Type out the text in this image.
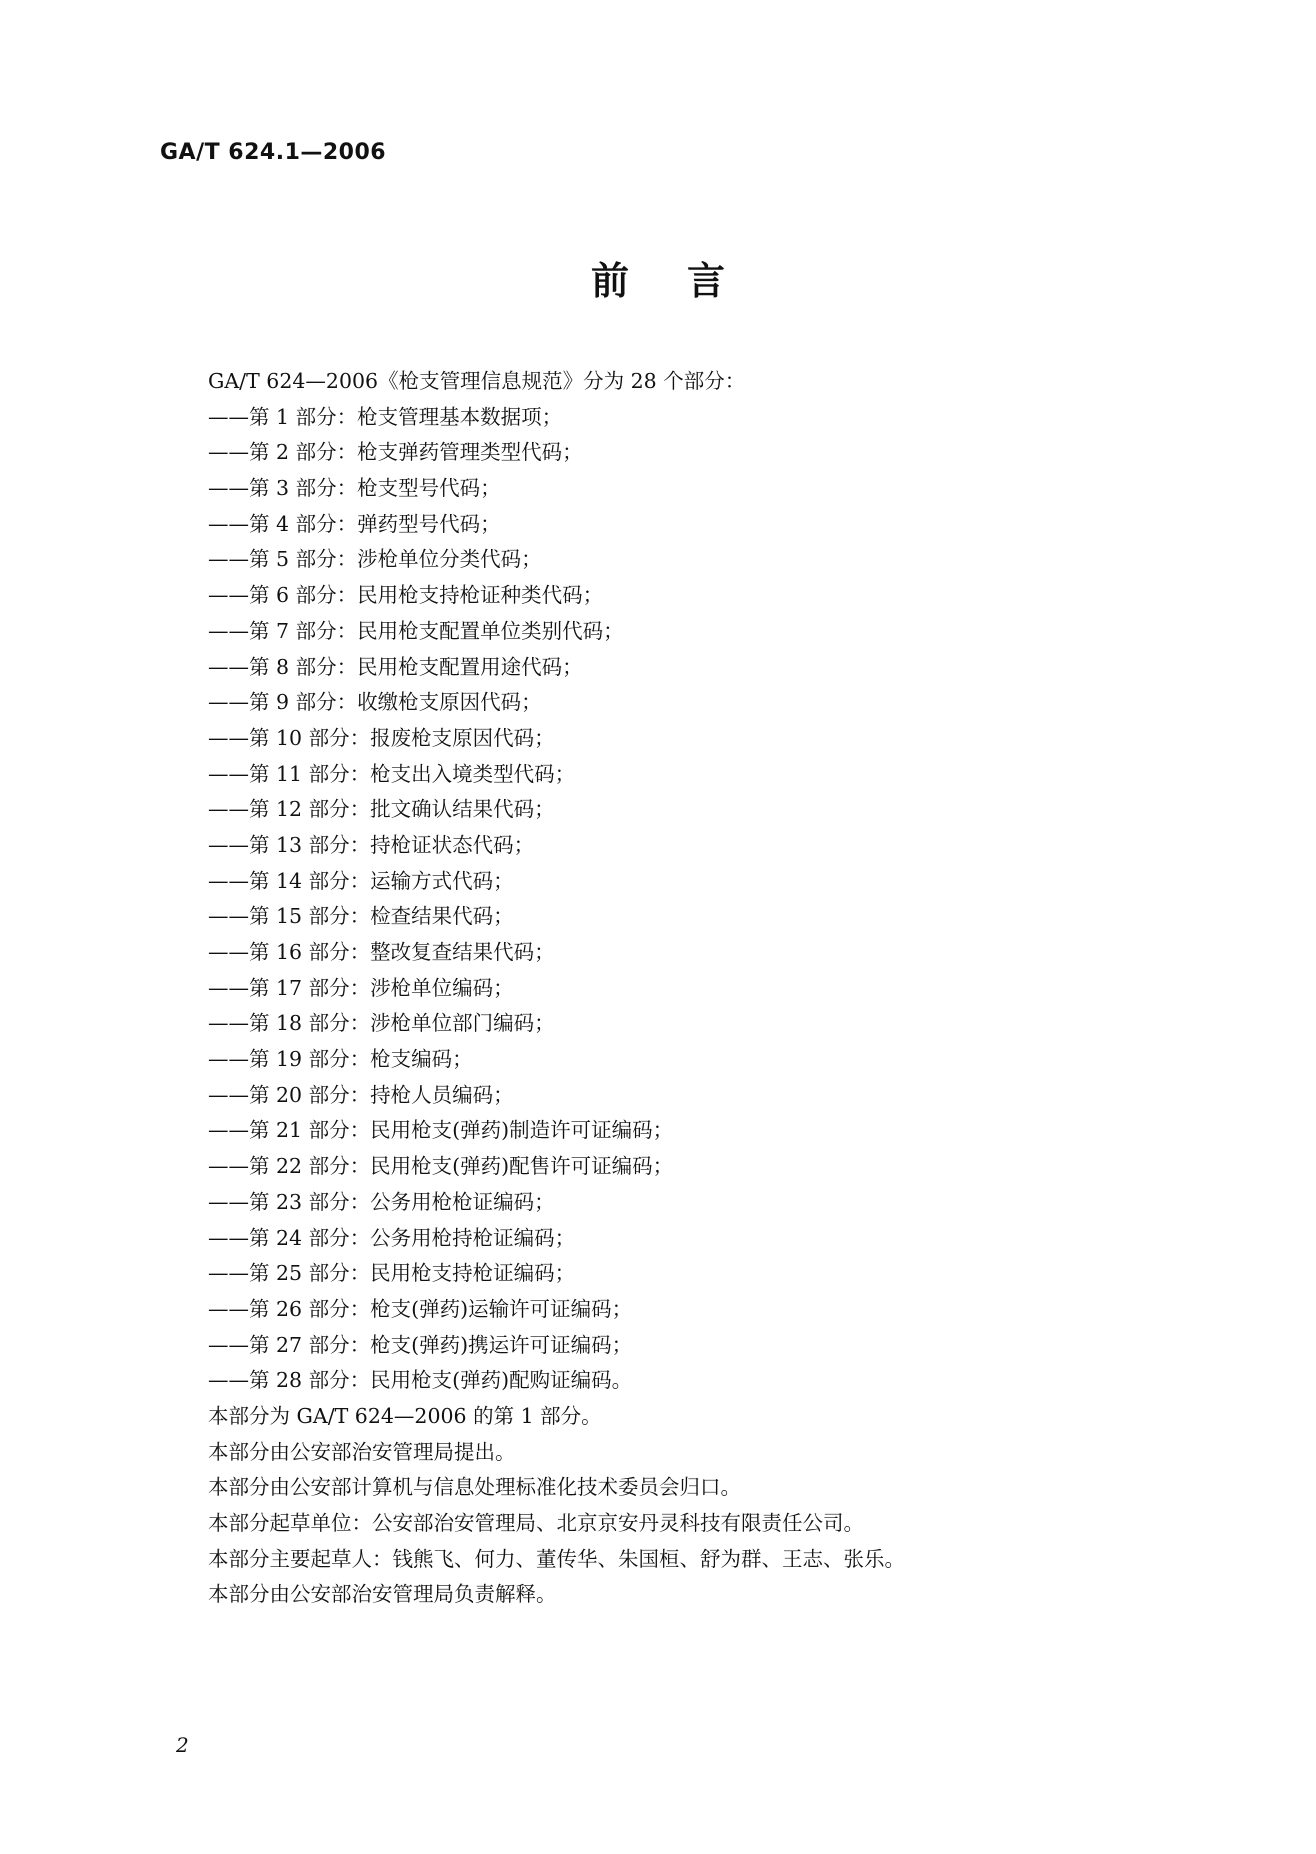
GA/T 624.1—2006
前言
GA/T 624—2006《枪支管理信息规范》分为 28 个部分：
——第 1 部分：枪支管理基本数据项；
——第 2 部分：枪支弹药管理类型代码；
——第 3 部分：枪支型号代码；
——第 4 部分：弹药型号代码；
——第 5 部分：涉枪单位分类代码；
——第 6 部分：民用枪支持枪证种类代码；
——第 7 部分：民用枪支配置单位类别代码；
——第 8 部分：民用枪支配置用途代码；
——第 9 部分：收缴枪支原因代码；
——第 10 部分：报废枪支原因代码；
——第 11 部分：枪支出入境类型代码；
——第 12 部分：批文确认结果代码；
——第 13 部分：持枪证状态代码；
——第 14 部分：运输方式代码；
——第 15 部分：检查结果代码；
——第 16 部分：整改复查结果代码；
——第 17 部分：涉枪单位编码；
——第 18 部分：涉枪单位部门编码；
——第 19 部分：枪支编码；
——第 20 部分：持枪人员编码；
——第 21 部分：民用枪支(弹药)制造许可证编码；
——第 22 部分：民用枪支(弹药)配售许可证编码；
——第 23 部分：公务用枪枪证编码；
——第 24 部分：公务用枪持枪证编码；
——第 25 部分：民用枪支持枪证编码；
——第 26 部分：枪支(弹药)运输许可证编码；
——第 27 部分：枪支(弹药)携运许可证编码；
——第 28 部分：民用枪支(弹药)配购证编码。
本部分为 GA/T 624—2006 的第 1 部分。
本部分由公安部治安管理局提出。
本部分由公安部计算机与信息处理标准化技术委员会归口。
本部分起草单位：公安部治安管理局、北京京安丹灵科技有限责任公司。
本部分主要起草人：钱熊飞、何力、董传华、朱国桓、舒为群、王志、张乐。
本部分由公安部治安管理局负责解释。
2
